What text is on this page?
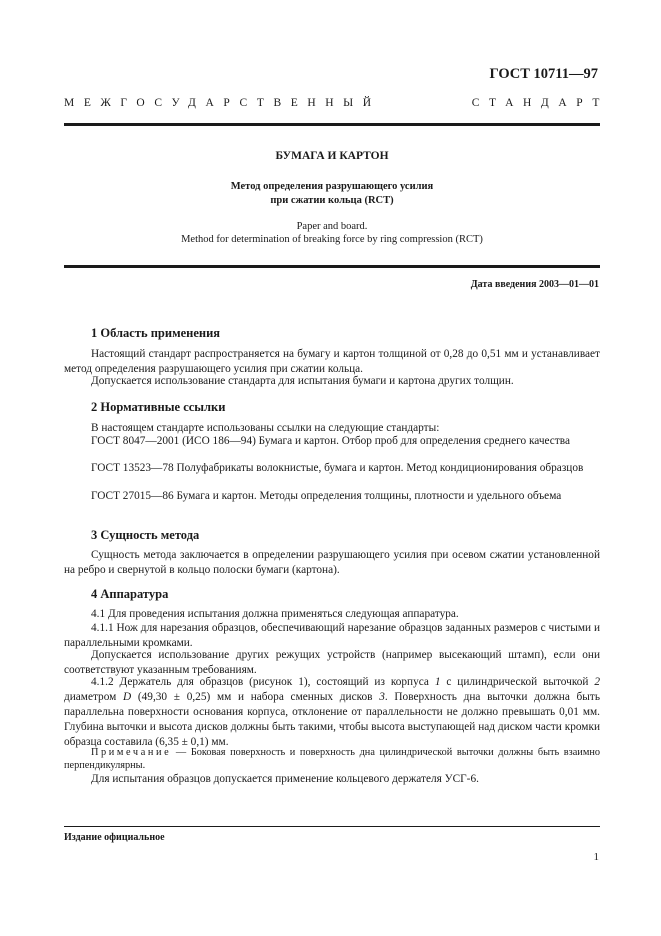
ГОСТ 10711—97
МЕЖГОСУДАРСТВЕННЫЙ	СТАНДАРТ
БУМАГА И КАРТОН
Метод определения разрушающего усилия
при сжатии кольца (RCT)
Paper and board.
Method for determination of breaking force by ring compression (RCT)
Дата введения 2003—01—01
1 Область применения

Настоящий стандарт распространяется на бумагу и картон толщиной от 0,28 до 0,51 мм и устанавливает метод определения разрушающего усилия при сжатии кольца.

Допускается использование стандарта для испытания бумаги и картона других толщин.

2 Нормативные ссылки

В настоящем стандарте использованы ссылки на следующие стандарты:

ГОСТ 8047—2001 (ИСО 186—94) Бумага и картон. Отбор проб для определения среднего качества

ГОСТ 13523—78 Полуфабрикаты волокнистые, бумага и картон. Метод кондиционирования образцов

ГОСТ 27015—86 Бумага и картон. Методы определения толщины, плотности и удельного объема

3 Сущность метода

Сущность метода заключается в определении разрушающего усилия при осевом сжатии установленной на ребро и свернутой в кольцо полоски бумаги (картона).

4 Аппаратура

4.1 Для проведения испытания должна применяться следующая аппаратура.

4.1.1 Нож для нарезания образцов, обеспечивающий нарезание образцов заданных размеров с чистыми и параллельными кромками.

Допускается использование других режущих устройств (например высекающий штамп), если они соответствуют указанным требованиям.

4.1.2 Держатель для образцов (рисунок 1), состоящий из корпуса 1 с цилиндрической выточкой 2 диаметром D (49,30 ± 0,25) мм и набора сменных дисков 3. Поверхность дна выточки должна быть параллельна поверхности основания корпуса, отклонение от параллельности не должно превышать 0,01 мм. Глубина выточки и высота дисков должны быть такими, чтобы высота выступающей над диском части кромки образца составила (6,35 ± 0,1) мм.

Примечание — Боковая поверхность и поверхность дна цилиндрической выточки должны быть взаимно перпендикулярны.

Для испытания образцов допускается применение кольцевого держателя УСГ-6.

Издание официальное
1
